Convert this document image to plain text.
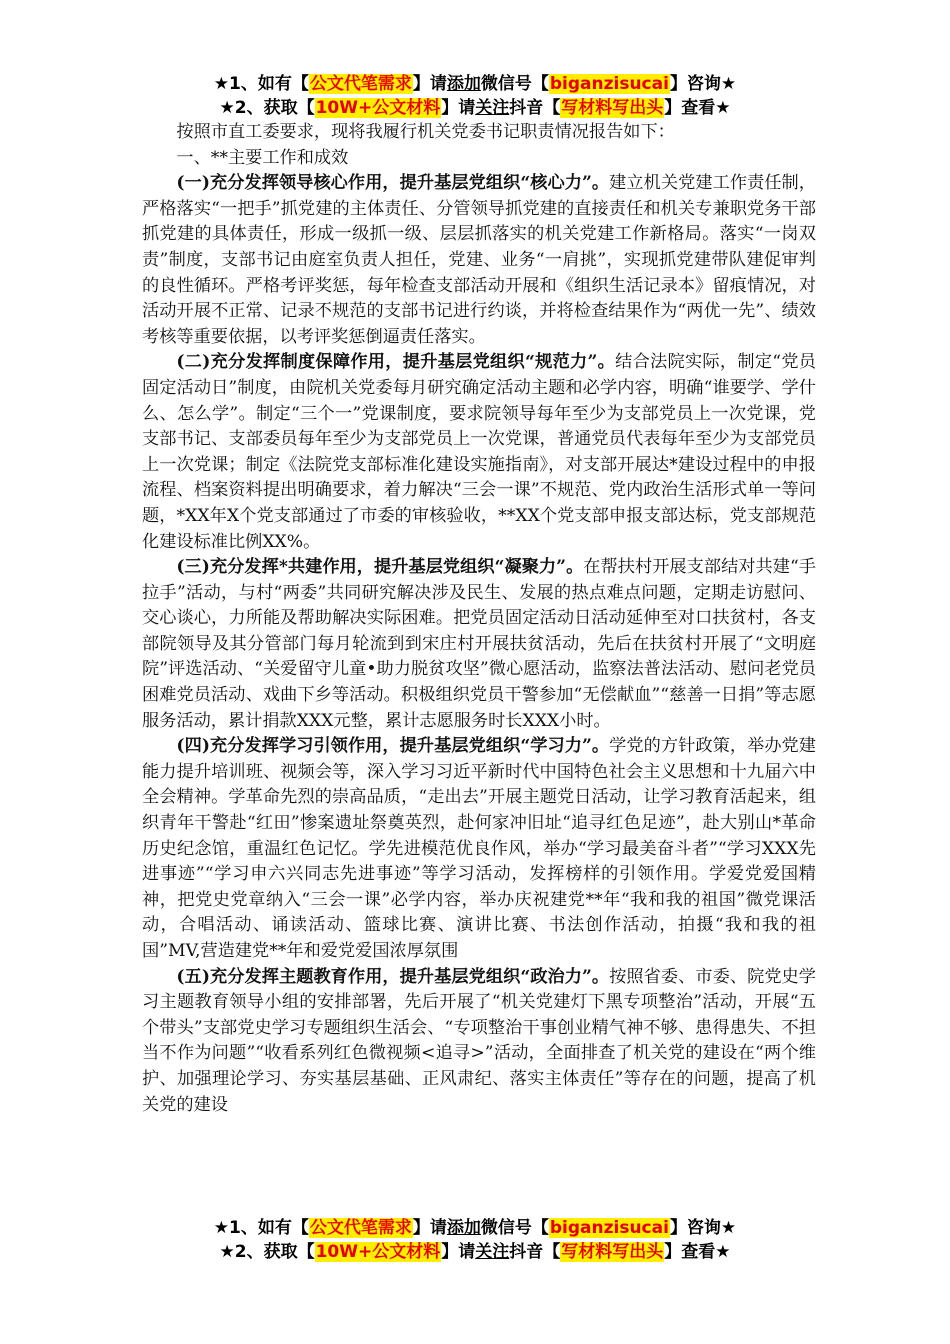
★1、如有【公文代笔需求】请添加微信号【biganzisucai】咨询★
★2、获取【10W+公文材料】请关注抖音【写材料写出头】查看★

按照市直工委要求，现将我履行机关党委书记职责情况报告如下：

一、**主要工作和成效

(一)充分发挥领导核心作用，提升基层党组织“核心力”。建立机关党建工作责任制，严格落实“一把手”抓党建的主体责任、分管领导抓党建的直接责任和机关专兼职党务干部抓党建的具体责任，形成一级抓一级、层层抓落实的机关党建工作新格局。落实“一岗双责”制度，支部书记由庭室负责人担任，党建、业务“一肩挑”，实现抓党建带队建促审判的良性循环。严格考评奖惩，每年检查支部活动开展和《组织生活记录本》留痕情况，对活动开展不正常、记录不规范的支部书记进行约谈，并将检查结果作为“两优一先”、绩效考核等重要依据，以考评奖惩倒逼责任落实。

(二)充分发挥制度保障作用，提升基层党组织“规范力”。结合法院实际，制定“党员固定活动日”制度，由院机关党委每月研究确定活动主题和必学内容，明确“谁要学、学什么、怎么学”。制定“三个一”党课制度，要求院领导每年至少为支部党员上一次党课，党支部书记、支部委员每年至少为支部党员上一次党课，普通党员代表每年至少为支部党员上一次党课；制定《法院党支部标准化建设实施指南》，对支部开展达*建设过程中的申报流程、档案资料提出明确要求，着力解决“三会一课”不规范、党内政治生活形式单一等问题，*XX年X个党支部通过了市委的审核验收，**XX个党支部申报支部达标，党支部规范化建设标准比例XX%。

(三)充分发挥*共建作用，提升基层党组织“凝聚力”。在帮扶村开展支部结对共建“手拉手”活动，与村“两委”共同研究解决涉及民生、发展的热点难点问题，定期走访慰问、交心谈心，力所能及帮助解决实际困难。把党员固定活动日活动延伸至对口扶贫村，各支部院领导及其分管部门每月轮流到到宋庄村开展扶贫活动，先后在扶贫村开展了“文明庭院”评选活动、“关爱留守儿童•助力脱贫攻坚”微心愿活动，监察法普法活动、慰问老党员困难党员活动、戏曲下乡等活动。积极组织党员干警参加“无偿献血”“慈善一日捐”等志愿服务活动，累计捐款XXX元整，累计志愿服务时长XXX小时。

(四)充分发挥学习引领作用，提升基层党组织“学习力”。学党的方针政策，举办党建能力提升培训班、视频会等，深入学习习近平新时代中国特色社会主义思想和十九届六中全会精神。学革命先烈的崇高品质，“走出去”开展主题党日活动，让学习教育活起来，组织青年干警赴“红田”惨案遗址祭奠英烈，赴何家冲旧址“追寻红色足迹”，赴大别山*革命历史纪念馆，重温红色记忆。学先进模范优良作风，举办“学习最美奋斗者”“学习XXX先进事迹”“学习申六兴同志先进事迹”等学习活动，发挥榜样的引领作用。学爱党爱国精神，把党史党章纳入“三会一课”必学内容，举办庆祝建党**年“我和我的祖国”微党课活动，合唱活动、诵读活动、篮球比赛、演讲比赛、书法创作活动，拍摄“我和我的祖国”MV,营造建党**年和爱党爱国浓厚氛围

(五)充分发挥主题教育作用，提升基层党组织“政治力”。按照省委、市委、院党史学习主题教育领导小组的安排部署，先后开展了“机关党建灯下黑专项整治”活动，开展“五个带头”支部党史学习专题组织生活会、“专项整治干事创业精气神不够、患得患失、不担当不作为问题”“收看系列红色微视频<追寻>”活动，全面排查了机关党的建设在“两个维护、加强理论学习、夯实基层基础、正风肃纪、落实主体责任”等存在的问题，提高了机关党的建设

★1、如有【公文代笔需求】请添加微信号【biganzisucai】咨询★
★2、获取【10W+公文材料】请关注抖音【写材料写出头】查看★
